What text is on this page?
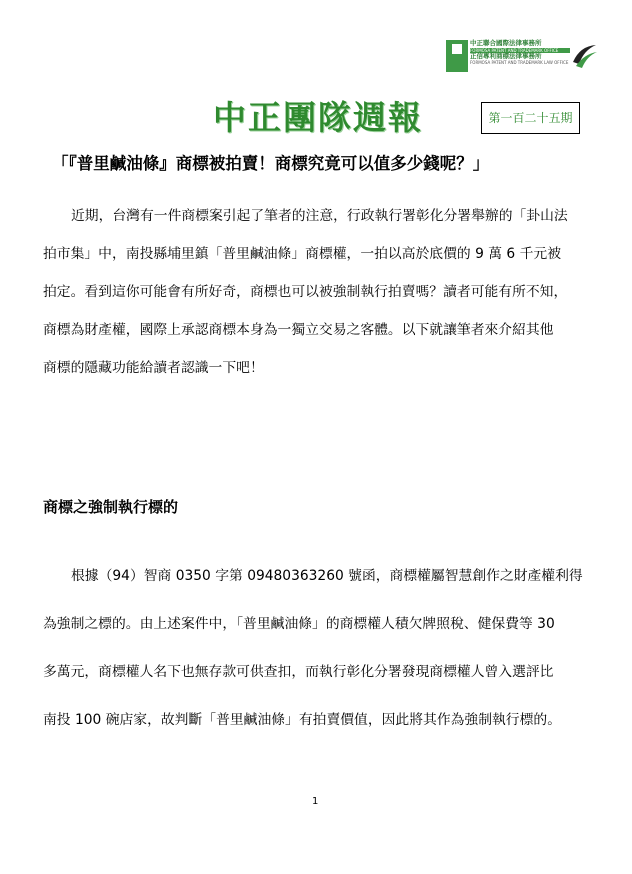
中正聯合國際法律事務所
FORMOSA PATENT AND TRADEMARK OFFICE
正信專利商標法律事務所
FORMOSA PATENT AND TRADEMARK LAW OFFICE
中正團隊週報	第一百二十五期
「『普里鹹油條』商標被拍賣！商標究竟可以值多少錢呢？」
近期，台灣有一件商標案引起了筆者的注意，行政執行署彰化分署舉辦的「卦山法
拍市集」中，南投縣埔里鎮「普里鹹油條」商標權，一拍以高於底價的 9 萬 6 千元被
拍定。看到這你可能會有所好奇，商標也可以被強制執行拍賣嗎？讀者可能有所不知，
商標為財產權，國際上承認商標本身為一獨立交易之客體。以下就讓筆者來介紹其他
商標的隱藏功能給讀者認識一下吧！
商標之強制執行標的
根據（94）智商 0350 字第 09480363260 號函，商標權屬智慧創作之財產權利得
為強制之標的。由上述案件中，「普里鹹油條」的商標權人積欠牌照稅、健保費等 30
多萬元，商標權人名下也無存款可供查扣，而執行彰化分署發現商標權人曾入選評比
南投 100 碗店家，故判斷「普里鹹油條」有拍賣價值，因此將其作為強制執行標的。
1
